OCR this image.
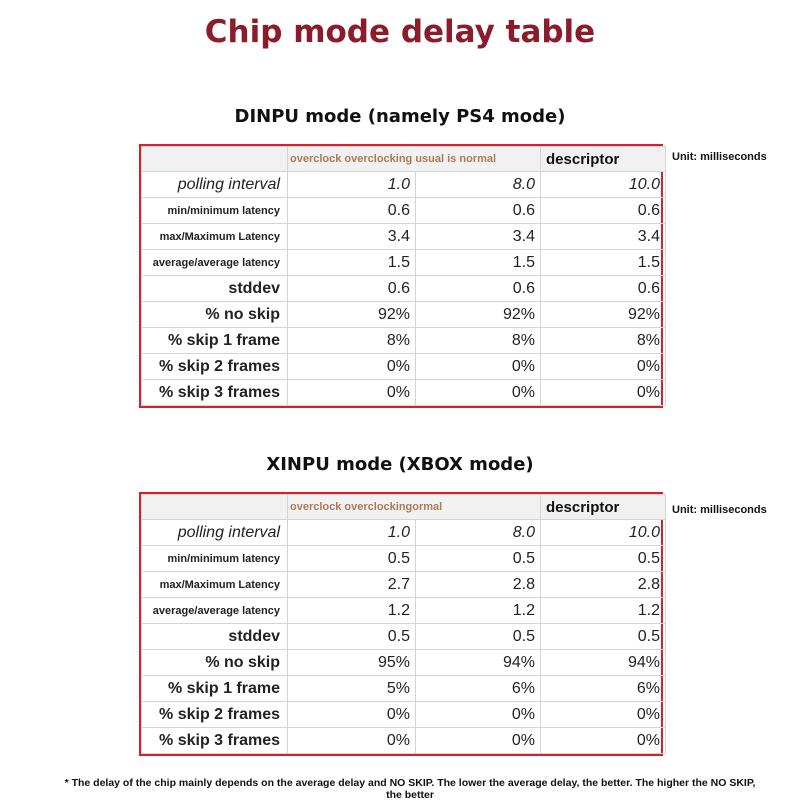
Chip mode delay table
DINPU mode (namely PS4 mode)
Unit: milliseconds
	overclock overclocking usual is normal		descriptor
polling interval	1.0	8.0	10.0
min/minimum latency	0.6	0.6	0.6
max/Maximum Latency	3.4	3.4	3.4
average/average latency	1.5	1.5	1.5
stddev	0.6	0.6	0.6
% no skip	92%	92%	92%
% skip 1 frame	8%	8%	8%
% skip 2 frames	0%	0%	0%
% skip 3 frames	0%	0%	0%
XINPU mode (XBOX mode)
Unit: milliseconds
	overclock overclockingormal		descriptor
polling interval	1.0	8.0	10.0
min/minimum latency	0.5	0.5	0.5
max/Maximum Latency	2.7	2.8	2.8
average/average latency	1.2	1.2	1.2
stddev	0.5	0.5	0.5
% no skip	95%	94%	94%
% skip 1 frame	5%	6%	6%
% skip 2 frames	0%	0%	0%
% skip 3 frames	0%	0%	0%
* The delay of the chip mainly depends on the average delay and NO SKIP. The lower the average delay, the better. The higher the NO SKIP, the better
